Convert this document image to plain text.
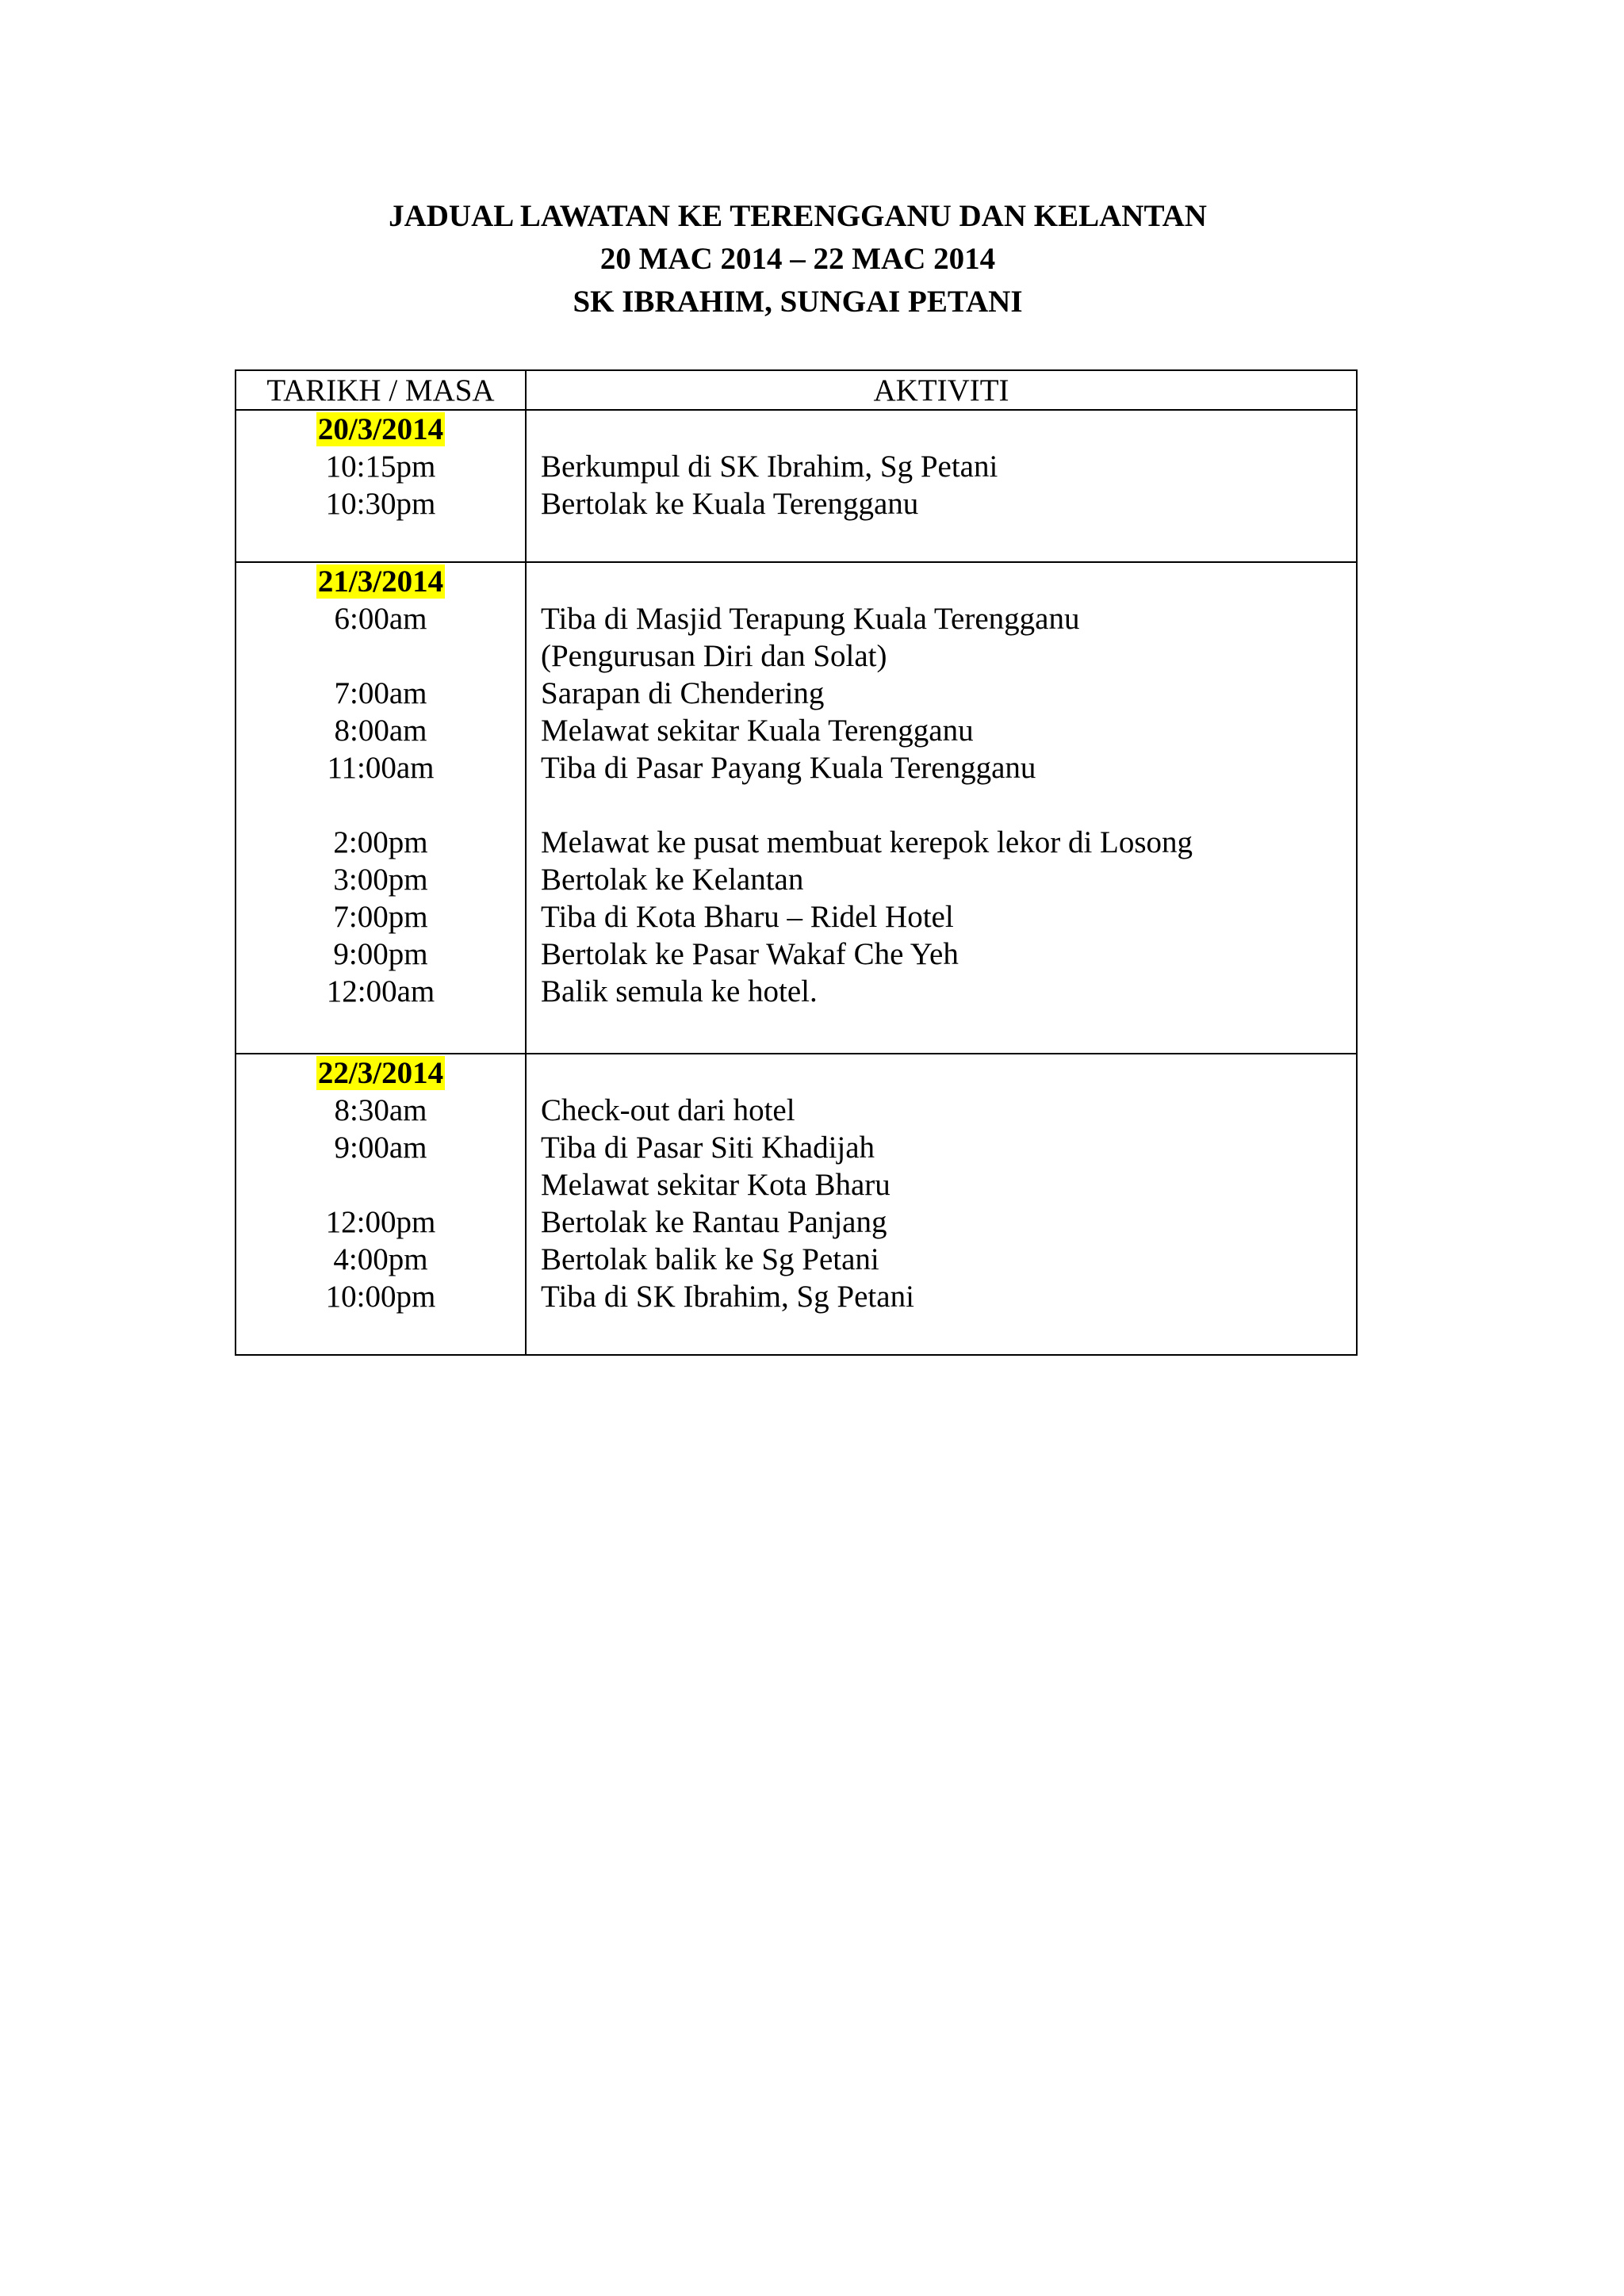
JADUAL LAWATAN KE TERENGGANU DAN KELANTAN
20 MAC 2014 – 22 MAC 2014
SK IBRAHIM, SUNGAI PETANI
TARIKH / MASA	AKTIVITI
20/3/2014
10:15pm	Berkumpul di SK Ibrahim, Sg Petani
10:30pm	Bertolak ke Kuala Terengganu
21/3/2014
6:00am	Tiba di Masjid Terapung Kuala Terengganu
(Pengurusan Diri dan Solat)
7:00am	Sarapan di Chendering
8:00am	Melawat sekitar Kuala Terengganu
11:00am	Tiba di Pasar Payang Kuala Terengganu
2:00pm	Melawat ke pusat membuat kerepok lekor di Losong
3:00pm	Bertolak ke Kelantan
7:00pm	Tiba di Kota Bharu – Ridel Hotel
9:00pm	Bertolak ke Pasar Wakaf Che Yeh
12:00am	Balik semula ke hotel.
22/3/2014
8:30am	Check-out dari hotel
9:00am	Tiba di Pasar Siti Khadijah
Melawat sekitar Kota Bharu
12:00pm	Bertolak ke Rantau Panjang
4:00pm	Bertolak balik ke Sg Petani
10:00pm	Tiba di SK Ibrahim, Sg Petani
